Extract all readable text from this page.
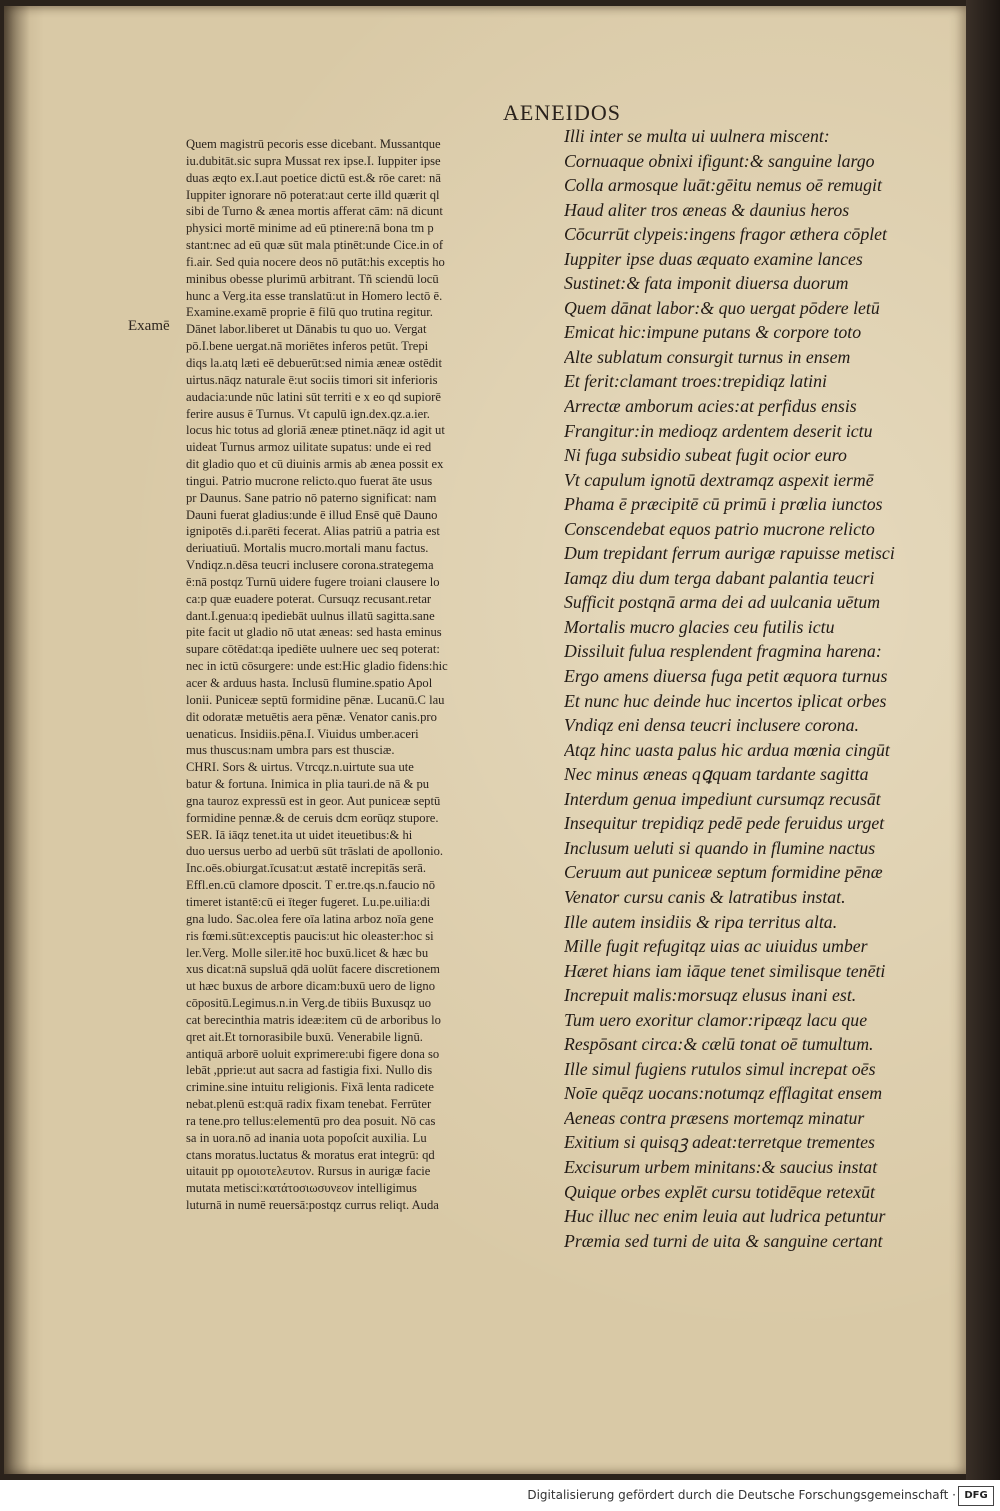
AENEIDOS
Examē
Quem magistrū pecoris esse dicebant. Mussantque
iu.dubitāt.sic supra Mussat rex ipse.I. Iuppiter ipse
duas æqto ex.I.aut poetice dictū est.& rōe caret: nā
Iuppiter ignorare nō poterat:aut certe illd quærit ql
sibi de Turno & ænea mortis afferat cām: nā dicunt
physici mortē minime ad eū ptinere:nā bona tm p
stant:nec ad eū quæ sūt mala ptinēt:unde Cice.in of
fi.air. Sed quia nocere deos nō putāt:his exceptis ho
minibus obesse plurimū arbitrant. Tñ sciendū locū
hunc a Verg.ita esse translatū:ut in Homero lectō ē.
Examine.examē proprie ē filū quo trutina regitur.
Dānet labor.liberet ut Dānabis tu quo uo. Vergat
pō.I.bene uergat.nā moriētes inferos petūt. Trepi
diqs la.atq læti eē debuerūt:sed nimia æneæ ostēdit
uirtus.nāqz naturale ē:ut sociis timori sit inferioris
audacia:unde nūc latini sūt territi e x eo qd supiorē
ferire ausus ē Turnus. Vt capulū ign.dex.qz.a.ier.
locus hic totus ad gloriā æneæ ptinet.nāqz id agit ut
uideat Turnus armoz uilitate supatus: unde ei red
dit gladio quo et cū diuinis armis ab ænea possit ex
tingui. Patrio mucrone relicto.quo fuerat āte usus
pr Daunus. Sane patrio nō paterno significat: nam
Dauni fuerat gladius:unde ē illud Ensē quē Dauno
ignipotēs d.i.parēti fecerat. Alias patriū a patria est
deriuatiuū. Mortalis mucro.mortali manu factus.
Vndiqz.n.dēsa teucri inclusere corona.strategema
ē:nā postqz Turnū uidere fugere troiani clausere lo
ca:p quæ euadere poterat. Cursuqz recusant.retar
dant.I.genua:q ipediebāt uulnus illatū sagitta.sane
pite facit ut gladio nō utat æneas: sed hasta eminus
supare cōtēdat:qa ipediēte uulnere uec seq poterat:
nec in ictū cōsurgere: unde est:Hic gladio fidens:hic
acer & arduus hasta. Inclusū flumine.spatio Apol
lonii. Puniceæ septū formidine pēnæ. Lucanū.C lau
dit odoratæ metuētis aera pēnæ. Venator canis.pro
uenaticus. Insidiis.pēna.I. Viuidus umber.aceri
mus thuscus:nam umbra pars est thusciæ.
CHRI. Sors & uirtus. Vtrcqz.n.uirtute sua ute
batur & fortuna. Inimica in plia tauri.de nā & pu
gna tauroz expressū est in geor. Aut puniceæ septū
formidine pennæ.& de ceruis dcm eorūqz stupore.
SER. Iā iāqz tenet.ita ut uidet iteuetibus:& hi
duo uersus uerbo ad uerbū sūt trāslati de apollonio.
Inc.oēs.obiurgat.īcusat:ut æstatē increpitās serā.
Effl.en.cū clamore dposcit. T er.tre.qs.n.faucio nō
timeret istantē:cū ei īteger fugeret. Lu.pe.uilia:di
gna ludo. Sac.olea fere oīa latina arboz noīa gene
ris fœmi.sūt:exceptis paucis:ut hic oleaster:hoc si
ler.Verg. Molle siler.itē hoc buxū.licet & hæc bu
xus dicat:nā supsluā qdā uolūt facere discretionem
ut hæc buxus de arbore dicam:buxū uero de ligno
cōpositū.Legimus.n.in Verg.de tibiis Buxusqz uo
cat berecinthia matris ideæ:item cū de arboribus lo
qret ait.Et tornorasibile buxū. Venerabile lignū.
antiquā arborē uoluit exprimere:ubi figere dona so
lebāt ,pprie:ut aut sacra ad fastigia fixi. Nullo dis
crimine.sine intuitu religionis. Fixā lenta radicete
nebat.plenū est:quā radix fixam tenebat. Ferrūter
ra tene.pro tellus:elementū pro dea posuit. Nō cas
sa in uora.nō ad inania uota popoſcit auxilia. Lu
ctans moratus.luctatus & moratus erat integrū: qd
uitauit pp ομοιοτελευτον. Rursus in aurigæ facie
mutata metisci:κατάτοσιωσυνεον intelligimus
luturnā in numē reuersā:postqz currus reliqt. Auda
Illi inter se multa ui uulnera miscent:
Cornuaque obnixi ifigunt:& sanguine largo
Colla armosque luāt:gēitu nemus oē remugit
Haud aliter tros æneas & daunius heros
Cōcurrūt clypeis:ingens fragor æthera cōplet
Iuppiter ipse duas æquato examine lances
Sustinet:& fata imponit diuersa duorum
Quem dānat labor:& quo uergat pōdere letū
Emicat hic:impune putans & corpore toto
Alte sublatum consurgit turnus in ensem
Et ferit:clamant troes:trepidiqz latini
Arrectæ amborum acies:at perfidus ensis
Frangitur:in medioqz ardentem deserit ictu
Ni fuga subsidio subeat fugit ocior euro
Vt capulum ignotū dextramqz aspexit iermē
Phama ē præcipitē cū primū i prœlia iunctos
Conscendebat equos patrio mucrone relicto
Dum trepidant ferrum aurigæ rapuisse metisci
Iamqz diu dum terga dabant palantia teucri
Sufficit postqnā arma dei ad uulcania uētum
Mortalis mucro glacies ceu futilis ictu
Dissiluit fulua resplendent fragmina harena:
Ergo amens diuersa fuga petit æquora turnus
Et nunc huc deinde huc incertos iplicat orbes
Vndiqz eni densa teucri inclusere corona.
Atqz hinc uasta palus hic ardua mœnia cingūt
Nec minus æneas qꝗquam tardante sagitta
Interdum genua impediunt cursumqz recusāt
Insequitur trepidiqz pedē pede feruidus urget
Inclusum ueluti si quando in flumine nactus
Ceruum aut puniceæ septum formidine pēnæ
Venator cursu canis & latratibus instat.
Ille autem insidiis & ripa territus alta.
Mille fugit refugitqz uias ac uiuidus umber
Hæret hians iam iāque tenet similisque tenēti
Increpuit malis:morsuqz elusus inani est.
Tum uero exoritur clamor:ripæqz lacu que
Respōsant circa:& cælū tonat oē tumultum.
Ille simul fugiens rutulos simul increpat oēs
Noīe quēqz uocans:notumqz efflagitat ensem
Aeneas contra præsens mortemqz minatur
Exitium si quisqꝫ adeat:terretque trementes
Excisurum urbem minitans:& saucius instat
Quique orbes explēt cursu totidēque retexūt
Huc illuc nec enim leuia aut ludrica petuntur
Præmia sed turni de uita & sanguine certant
Digitalisierung gefördert durch die Deutsche Forschungsgemeinschaft · DFG
